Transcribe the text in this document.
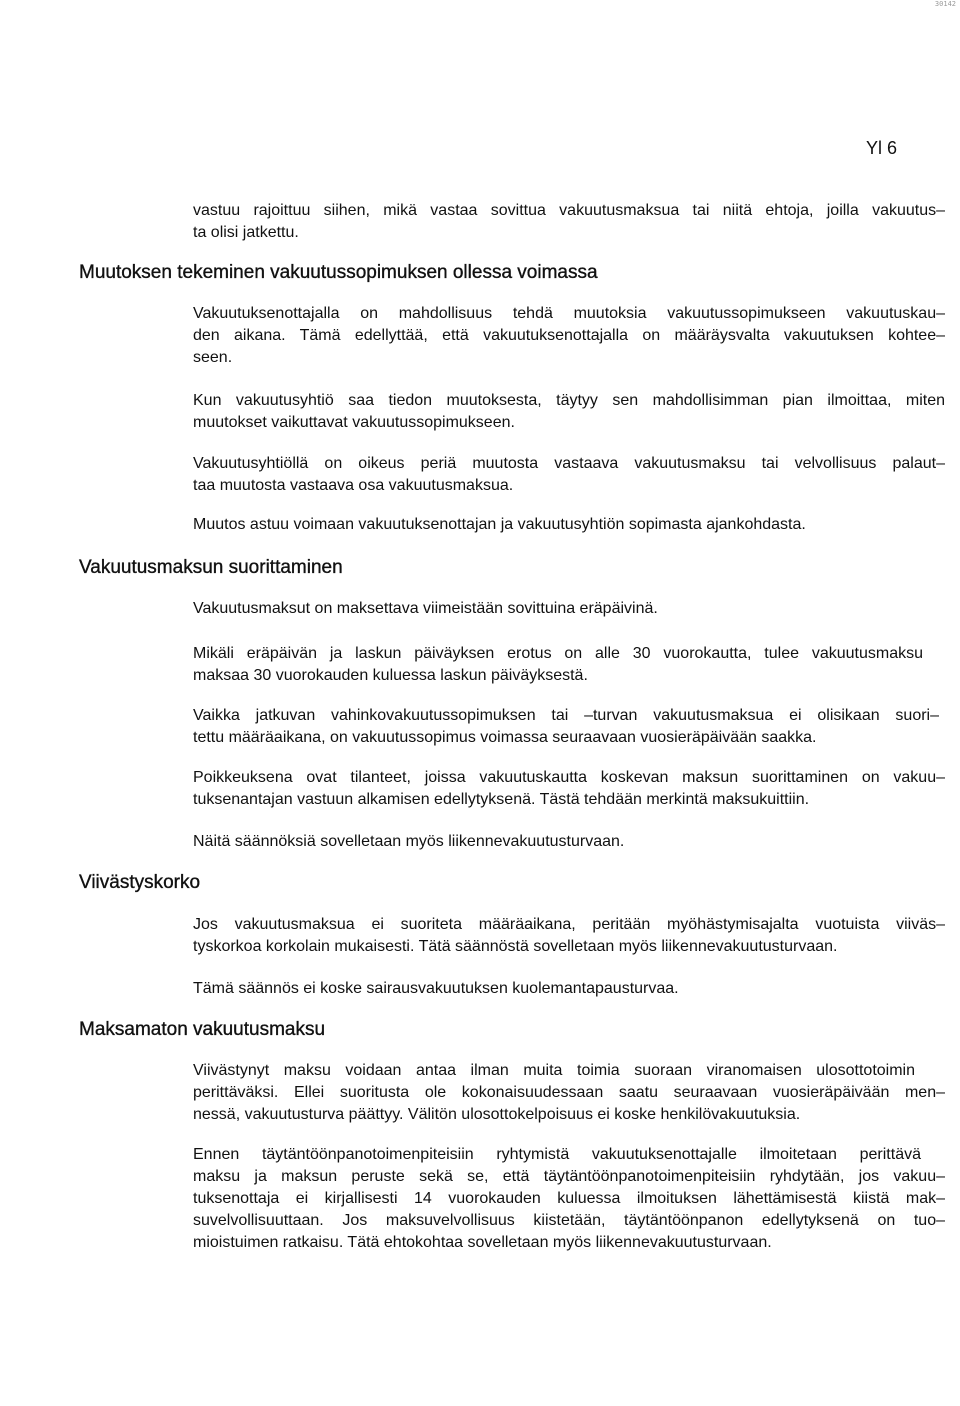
30142
Yl 6
vastuu rajoittuu siihen, mikä vastaa sovittua vakuutusmaksua tai niitä ehtoja, joilla vakuutus–
ta olisi jatkettu.
Muutoksen tekeminen vakuutussopimuksen ollessa voimassa
Vakuutuksenottajalla on mahdollisuus tehdä muutoksia vakuutussopimukseen vakuutuskau–
den aikana. Tämä edellyttää, että vakuutuksenottajalla on määräysvalta vakuutuksen kohtee–
seen.
Kun vakuutusyhtiö saa tiedon muutoksesta, täytyy sen mahdollisimman pian ilmoittaa, miten
muutokset vaikuttavat vakuutussopimukseen.
Vakuutusyhtiöllä on oikeus periä muutosta vastaava vakuutusmaksu tai velvollisuus palaut–
taa muutosta vastaava osa vakuutusmaksua.
Muutos astuu voimaan vakuutuksenottajan ja vakuutusyhtiön sopimasta ajankohdasta.
Vakuutusmaksun suorittaminen
Vakuutusmaksut on maksettava viimeistään sovittuina eräpäivinä.
Mikäli eräpäivän ja laskun päiväyksen erotus on alle 30 vuorokautta, tulee vakuutusmaksu
maksaa 30 vuorokauden kuluessa laskun päiväyksestä.
Vaikka jatkuvan vahinkovakuutussopimuksen tai –turvan vakuutusmaksua ei olisikaan suori–
tettu määräaikana, on vakuutussopimus voimassa seuraavaan vuosieräpäivään saakka.
Poikkeuksena ovat tilanteet, joissa vakuutuskautta koskevan maksun suorittaminen on vakuu–
tuksenantajan vastuun alkamisen edellytyksenä. Tästä tehdään merkintä maksukuittiin.
Näitä säännöksiä sovelletaan myös liikennevakuutusturvaan.
Viivästyskorko
Jos vakuutusmaksua ei suoriteta määräaikana, peritään myöhästymisajalta vuotuista viiväs–
tyskorkoa korkolain mukaisesti. Tätä säännöstä sovelletaan myös liikennevakuutusturvaan.
Tämä säännös ei koske sairausvakuutuksen kuolemantapausturvaa.
Maksamaton vakuutusmaksu
Viivästynyt maksu voidaan antaa ilman muita toimia suoraan viranomaisen ulosottotoimin
perittäväksi. Ellei suoritusta ole kokonaisuudessaan saatu seuraavaan vuosieräpäivään men–
nessä, vakuutusturva päättyy. Välitön ulosottokelpoisuus ei koske henkilövakuutuksia.
Ennen täytäntöönpanotoimenpiteisiin ryhtymistä vakuutuksenottajalle ilmoitetaan perittävä
maksu ja maksun peruste sekä se, että täytäntöönpanotoimenpiteisiin ryhdytään, jos vakuu–
tuksenottaja ei kirjallisesti 14 vuorokauden kuluessa ilmoituksen lähettämisestä kiistä mak–
suvelvollisuuttaan. Jos maksuvelvollisuus kiistetään, täytäntöönpanon edellytyksenä on tuo–
mioistuimen ratkaisu. Tätä ehtokohtaa sovelletaan myös liikennevakuutusturvaan.
